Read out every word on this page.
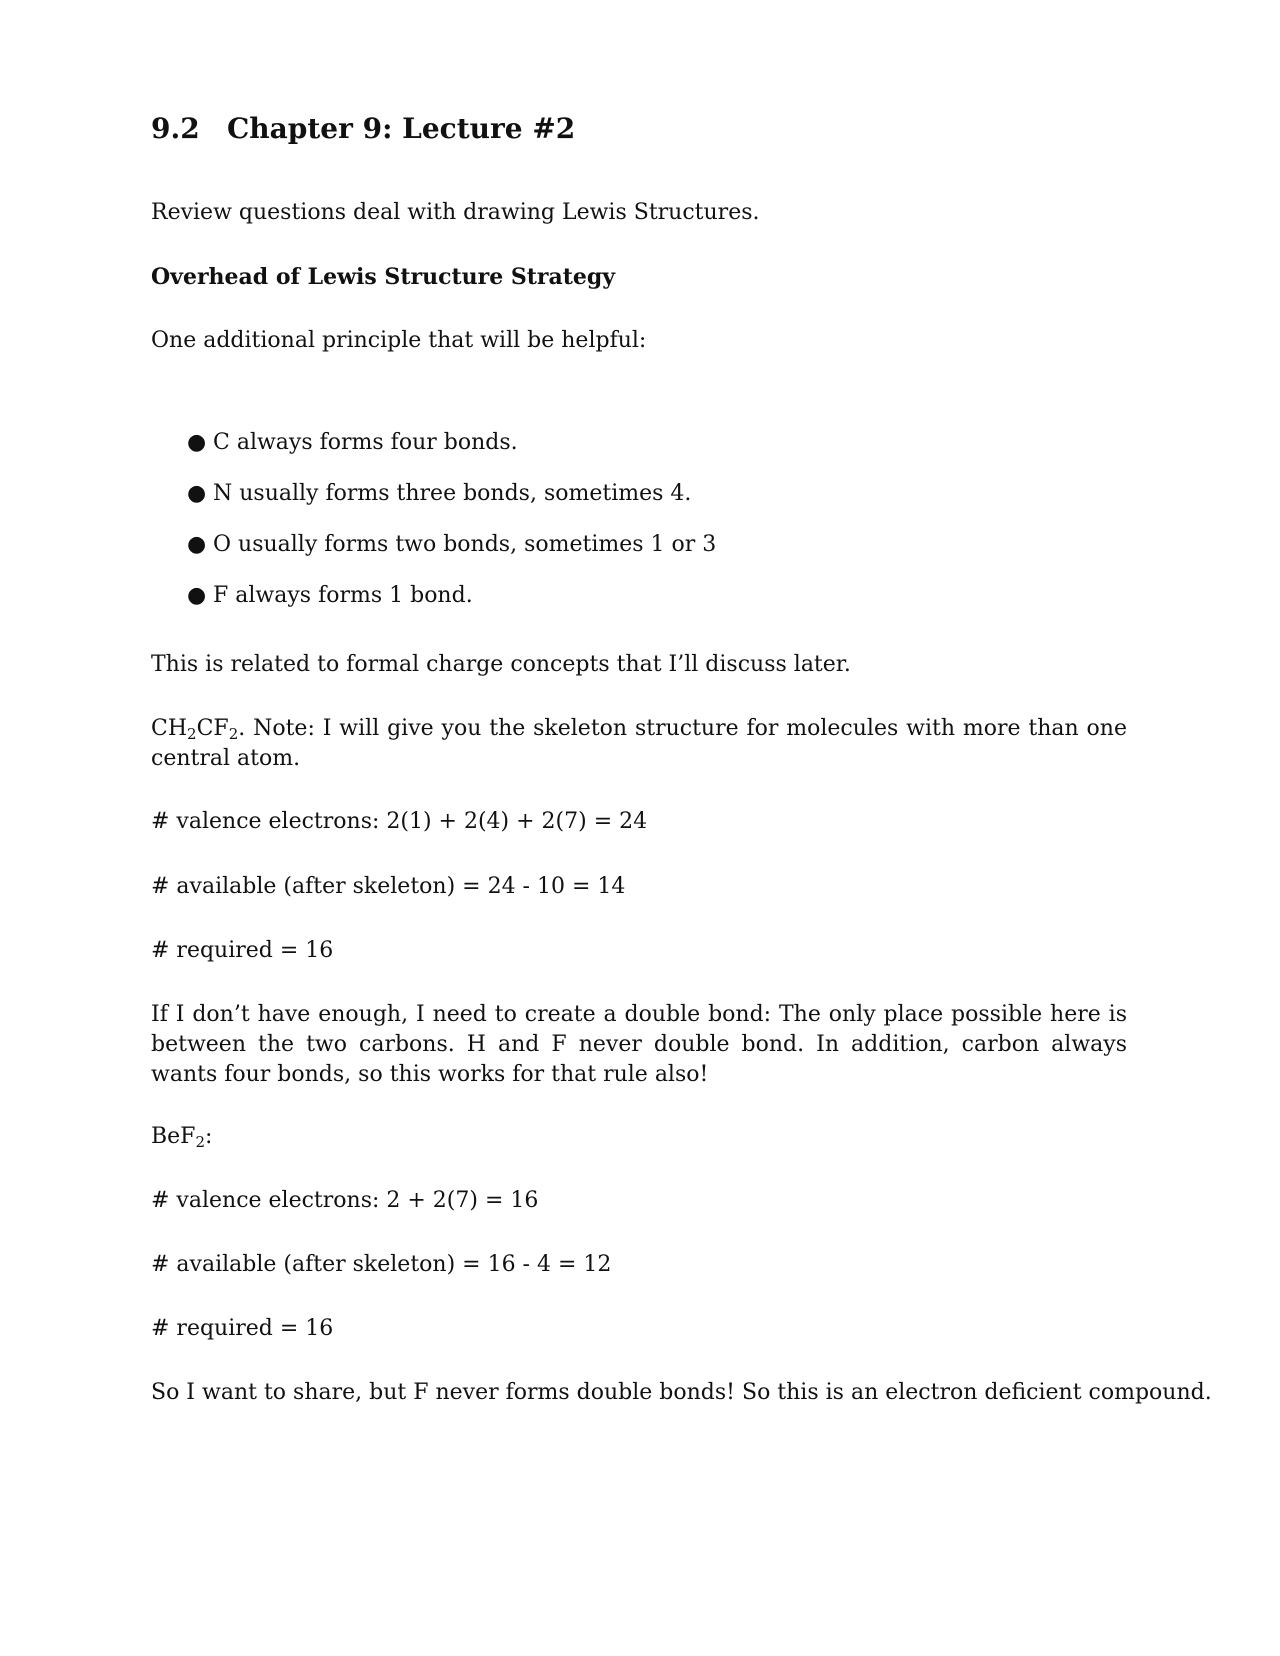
9.2 Chapter 9: Lecture #2
Review questions deal with drawing Lewis Structures.
Overhead of Lewis Structure Strategy
One additional principle that will be helpful:
● C always forms four bonds.
● N usually forms three bonds, sometimes 4.
● O usually forms two bonds, sometimes 1 or 3
● F always forms 1 bond.
This is related to formal charge concepts that I’ll discuss later.
$CH_2CF_2$. Note: I will give you the skeleton structure for molecules with more than one central atom.
# valence electrons: 2(1) + 2(4) + 2(7) = 24
# available (after skeleton) = 24 - 10 = 14
# required = 16
If I don’t have enough, I need to create a double bond: The only place possible here is between the two carbons. H and F never double bond. In addition, carbon always wants four bonds, so this works for that rule also!
BeF$_2$:
# valence electrons: 2 + 2(7) = 16
# available (after skeleton) = 16 - 4 = 12
# required = 16
So I want to share, but F never forms double bonds! So this is an electron deficient compound.
